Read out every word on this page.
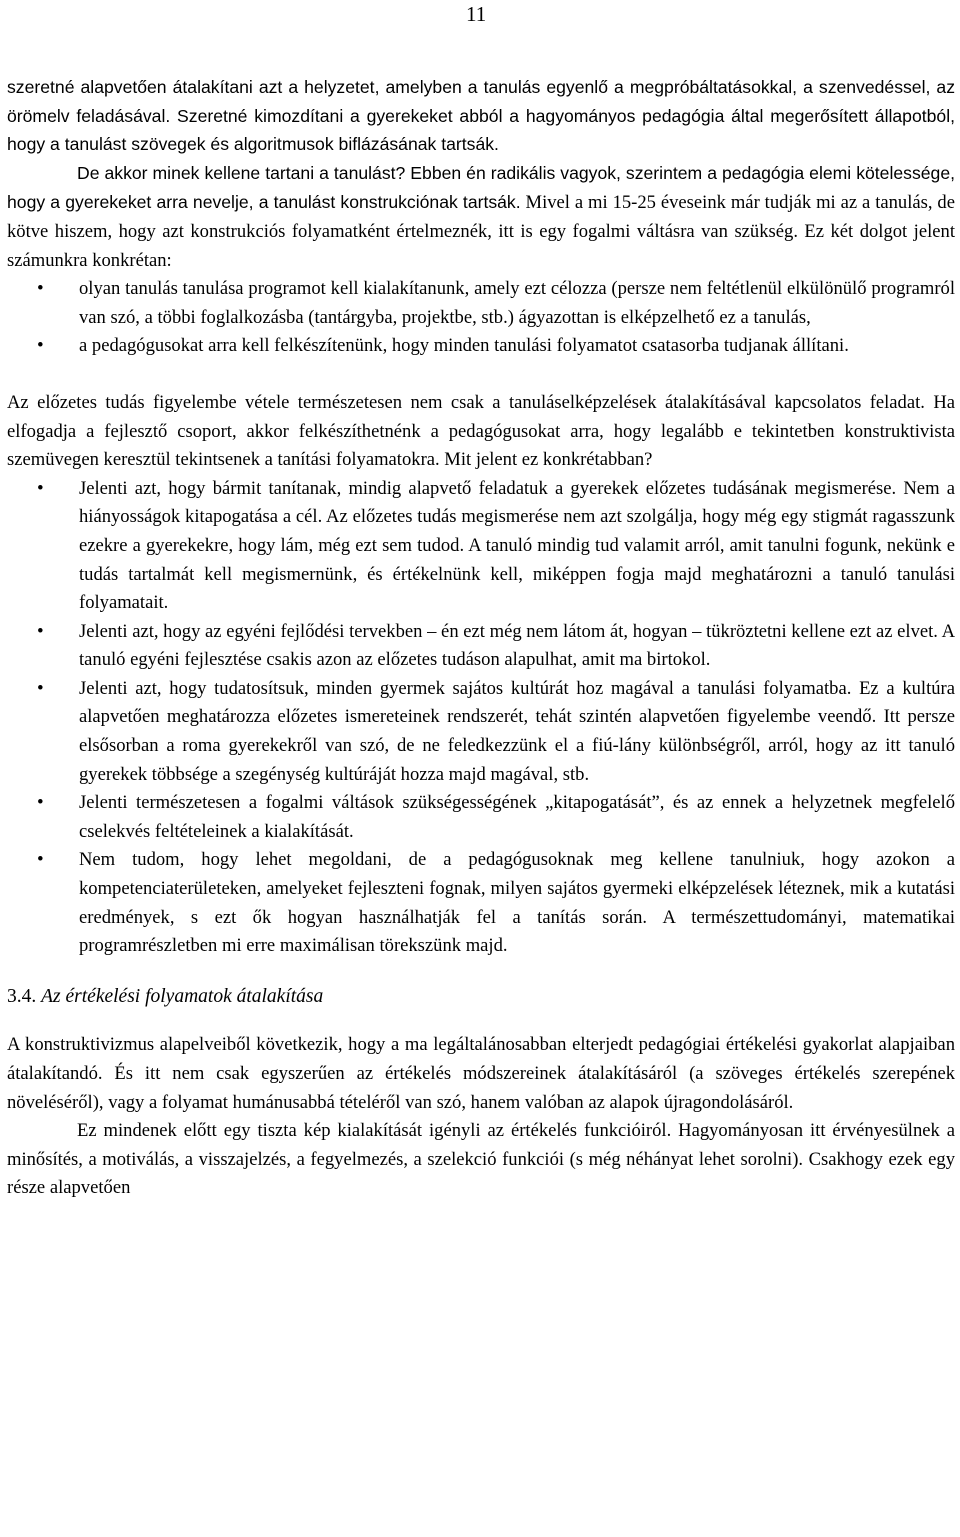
11

szeretné alapvetően átalakítani azt a helyzetet, amelyben a tanulás egyenlő a megpróbáltatásokkal, a szenvedéssel, az örömelv feladásával. Szeretné kimozdítani a gyerekeket abból a hagyományos pedagógia által megerősített állapotból, hogy a tanulást szövegek és algoritmusok biflázásának tartsák.

De akkor minek kellene tartani a tanulást? Ebben én radikális vagyok, szerintem a pedagógia elemi kötelessége, hogy a gyerekeket arra nevelje, a tanulást konstrukciónak tartsák. Mivel a mi 15-25 éveseink már tudják mi az a tanulás, de kötve hiszem, hogy azt konstrukciós folyamatként értelmeznék, itt is egy fogalmi váltásra van szükség. Ez két dolgot jelent számunkra konkrétan:

• olyan tanulás tanulása programot kell kialakítanunk, amely ezt célozza (persze nem feltétlenül elkülönülő programról van szó, a többi foglalkozásba (tantárgyba, projektbe, stb.) ágyazottan is elképzelhető ez a tanulás,
• a pedagógusokat arra kell felkészítenünk, hogy minden tanulási folyamatot csatasorba tudjanak állítani.

Az előzetes tudás figyelembe vétele természetesen nem csak a tanuláselképzelések átalakításával kapcsolatos feladat. Ha elfogadja a fejlesztő csoport, akkor felkészíthetnénk a pedagógusokat arra, hogy legalább e tekintetben konstruktivista szemüvegen keresztül tekintsenek a tanítási folyamatokra. Mit jelent ez konkrétabban?

• Jelenti azt, hogy bármit tanítanak, mindig alapvető feladatuk a gyerekek előzetes tudásának megismerése. Nem a hiányosságok kitapogatása a cél. Az előzetes tudás megismerése nem azt szolgálja, hogy még egy stigmát ragasszunk ezekre a gyerekekre, hogy lám, még ezt sem tudod. A tanuló mindig tud valamit arról, amit tanulni fogunk, nekünk e tudás tartalmát kell megismernünk, és értékelnünk kell, miképpen fogja majd meghatározni a tanuló tanulási folyamatait.
• Jelenti azt, hogy az egyéni fejlődési tervekben – én ezt még nem látom át, hogyan – tükröztetni kellene ezt az elvet. A tanuló egyéni fejlesztése csakis azon az előzetes tudáson alapulhat, amit ma birtokol.
• Jelenti azt, hogy tudatosítsuk, minden gyermek sajátos kultúrát hoz magával a tanulási folyamatba. Ez a kultúra alapvetően meghatározza előzetes ismereteinek rendszerét, tehát szintén alapvetően figyelembe veendő. Itt persze elsősorban a roma gyerekekről van szó, de ne feledkezzünk el a fiú-lány különbségről, arról, hogy az itt tanuló gyerekek többsége a szegénység kultúráját hozza majd magával, stb.
• Jelenti természetesen a fogalmi váltások szükségességének „kitapogatását”, és az ennek a helyzetnek megfelelő cselekvés feltételeinek a kialakítását.
• Nem tudom, hogy lehet megoldani, de a pedagógusoknak meg kellene tanulniuk, hogy azokon a kompetenciaterületeken, amelyeket fejleszteni fognak, milyen sajátos gyermeki elképzelések léteznek, mik a kutatási eredmények, s ezt ők hogyan használhatják fel a tanítás során. A természettudományi, matematikai programrészletben mi erre maximálisan törekszünk majd.
3.4. Az értékelési folyamatok átalakítása

A konstruktivizmus alapelveiből következik, hogy a ma legáltalánosabban elterjedt pedagógiai értékelési gyakorlat alapjaiban átalakítandó. És itt nem csak egyszerűen az értékelés módszereinek átalakításáról (a szöveges értékelés szerepének növeléséről), vagy a folyamat humánusabbá tételéről van szó, hanem valóban az alapok újragondolásáról.

Ez mindenek előtt egy tiszta kép kialakítását igényli az értékelés funkcióiról. Hagyományosan itt érvényesülnek a minősítés, a motiválás, a visszajelzés, a fegyelmezés, a szelekció funkciói (s még néhányat lehet sorolni). Csakhogy ezek egy része alapvetően
